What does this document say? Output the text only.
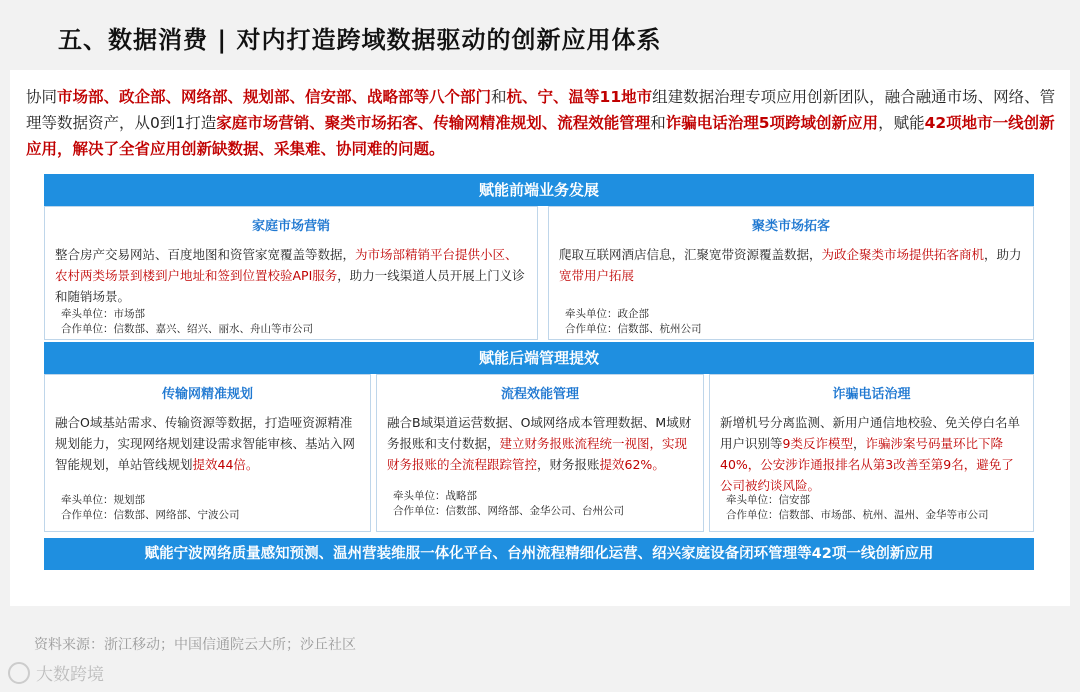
五、数据消费 | 对内打造跨域数据驱动的创新应用体系
协同市场部、政企部、网络部、规划部、信安部、战略部等八个部门和杭、宁、温等11地市组建数据治理专项应用创新团队，融合融通市场、网络、管理等数据资产，从0到1打造家庭市场营销、聚类市场拓客、传输网精准规划、流程效能管理和诈骗电话治理5项跨域创新应用，赋能42项地市一线创新应用，解决了全省应用创新缺数据、采集难、协同难的问题。
赋能前端业务发展
家庭市场营销
整合房产交易网站、百度地图和资管家宽覆盖等数据，为市场部精销平台提供小区、农村两类场景到楼到户地址和签到位置校验API服务，助力一线渠道人员开展上门义诊和随销场景。
牵头单位：市场部
合作单位：信数部、嘉兴、绍兴、丽水、舟山等市公司
聚类市场拓客
爬取互联网酒店信息，汇聚宽带资源覆盖数据，为政企聚类市场提供拓客商机，助力宽带用户拓展
牵头单位：政企部
合作单位：信数部、杭州公司
赋能后端管理提效
传输网精准规划
融合O域基站需求、传输资源等数据，打造哑资源精准规划能力，实现网络规划建设需求智能审核、基站入网智能规划，单站管线规划提效44倍。
牵头单位：规划部
合作单位：信数部、网络部、宁波公司
流程效能管理
融合B域渠道运营数据、O域网络成本管理数据、M域财务报账和支付数据，建立财务报账流程统一视图，实现财务报账的全流程跟踪管控，财务报账提效62%。
牵头单位：战略部
合作单位：信数部、网络部、金华公司、台州公司
诈骗电话治理
新增机号分离监测、新用户通信地校验、免关停白名单用户识别等9类反诈模型，诈骗涉案号码量环比下降40%，公安涉诈通报排名从第3改善至第9名，避免了公司被约谈风险。
牵头单位：信安部
合作单位：信数部、市场部、杭州、温州、金华等市公司
赋能宁波网络质量感知预测、温州营装维服一体化平台、台州流程精细化运营、绍兴家庭设备闭环管理等42项一线创新应用
资料来源：浙江移动；中国信通院云大所；沙丘社区
大数跨境
